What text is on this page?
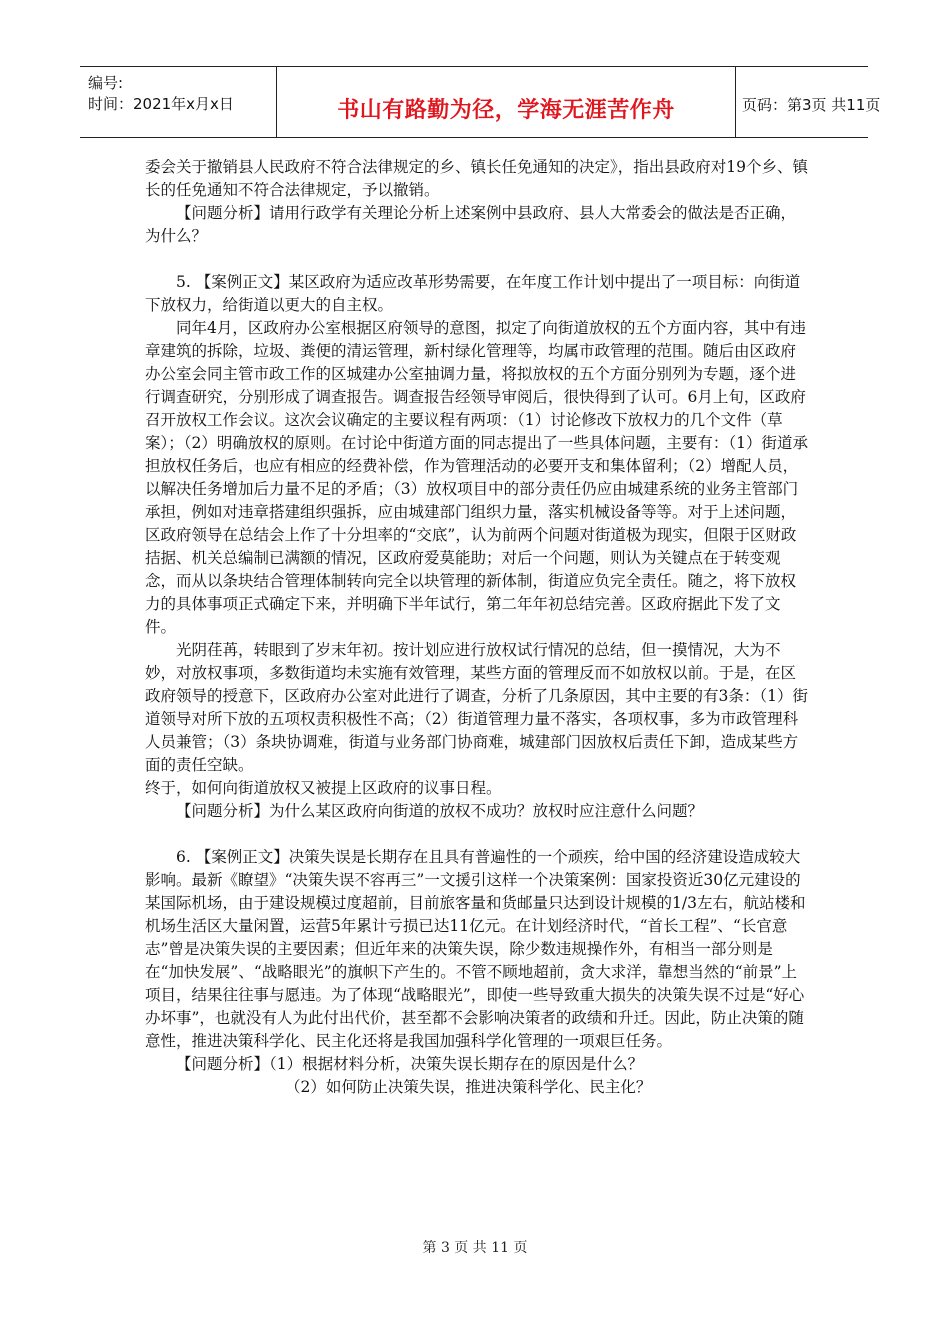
编号:
时间：2021年x月x日	书山有路勤为径，学海无涯苦作舟	页码：第3页 共11页

委会关于撤销县人民政府不符合法律规定的乡、镇长任免通知的决定》，指出县政府对19个乡、镇长的任免通知不符合法律规定，予以撤销。

【问题分析】请用行政学有关理论分析上述案例中县政府、县人大常委会的做法是否正确，为什么？

5. 【案例正文】某区政府为适应改革形势需要，在年度工作计划中提出了一项目标：向街道下放权力，给街道以更大的自主权。

同年4月，区政府办公室根据区府领导的意图，拟定了向街道放权的五个方面内容，其中有违章建筑的拆除，垃圾、粪便的清运管理，新村绿化管理等，均属市政管理的范围。随后由区政府办公室会同主管市政工作的区城建办公室抽调力量，将拟放权的五个方面分别列为专题，逐个进行调查研究，分别形成了调查报告。调查报告经领导审阅后，很快得到了认可。6月上旬，区政府召开放权工作会议。这次会议确定的主要议程有两项：（1）讨论修改下放权力的几个文件（草案）；（2）明确放权的原则。在讨论中街道方面的同志提出了一些具体问题，主要有：（1）街道承担放权任务后，也应有相应的经费补偿，作为管理活动的必要开支和集体留利；（2）增配人员，以解决任务增加后力量不足的矛盾；（3）放权项目中的部分责任仍应由城建系统的业务主管部门承担，例如对违章搭建组织强拆，应由城建部门组织力量，落实机械设备等等。对于上述问题，区政府领导在总结会上作了十分坦率的“交底”，认为前两个问题对街道极为现实，但限于区财政拮据、机关总编制已满额的情况，区政府爱莫能助；对后一个问题，则认为关键点在于转变观念，而从以条块结合管理体制转向完全以块管理的新体制，街道应负完全责任。随之，将下放权力的具体事项正式确定下来，并明确下半年试行，第二年年初总结完善。区政府据此下发了文件。

光阴荏苒，转眼到了岁末年初。按计划应进行放权试行情况的总结，但一摸情况，大为不妙，对放权事项，多数街道均未实施有效管理，某些方面的管理反而不如放权以前。于是，在区政府领导的授意下，区政府办公室对此进行了调查，分析了几条原因，其中主要的有3条：（1）街道领导对所下放的五项权责积极性不高；（2）街道管理力量不落实，各项权事，多为市政管理科人员兼管；（3）条块协调难，街道与业务部门协商难，城建部门因放权后责任下卸，造成某些方面的责任空缺。

终于，如何向街道放权又被提上区政府的议事日程。

【问题分析】为什么某区政府向街道的放权不成功？放权时应注意什么问题？

6. 【案例正文】决策失误是长期存在且具有普遍性的一个顽疾，给中国的经济建设造成较大影响。最新《瞭望》“决策失误不容再三”一文援引这样一个决策案例：国家投资近30亿元建设的某国际机场，由于建设规模过度超前，目前旅客量和货邮量只达到设计规模的1/3左右，航站楼和机场生活区大量闲置，运营5年累计亏损已达11亿元。在计划经济时代，“首长工程”、“长官意志”曾是决策失误的主要因素；但近年来的决策失误，除少数违规操作外，有相当一部分则是在“加快发展”、“战略眼光”的旗帜下产生的。不管不顾地超前，贪大求洋，靠想当然的“前景”上项目，结果往往事与愿违。为了体现“战略眼光”，即使一些导致重大损失的决策失误不过是“好心办坏事”，也就没有人为此付出代价，甚至都不会影响决策者的政绩和升迁。因此，防止决策的随意性，推进决策科学化、民主化还将是我国加强科学化管理的一项艰巨任务。

【问题分析】（1）根据材料分析，决策失误长期存在的原因是什么？

（2）如何防止决策失误，推进决策科学化、民主化？

第 3 页 共 11 页
